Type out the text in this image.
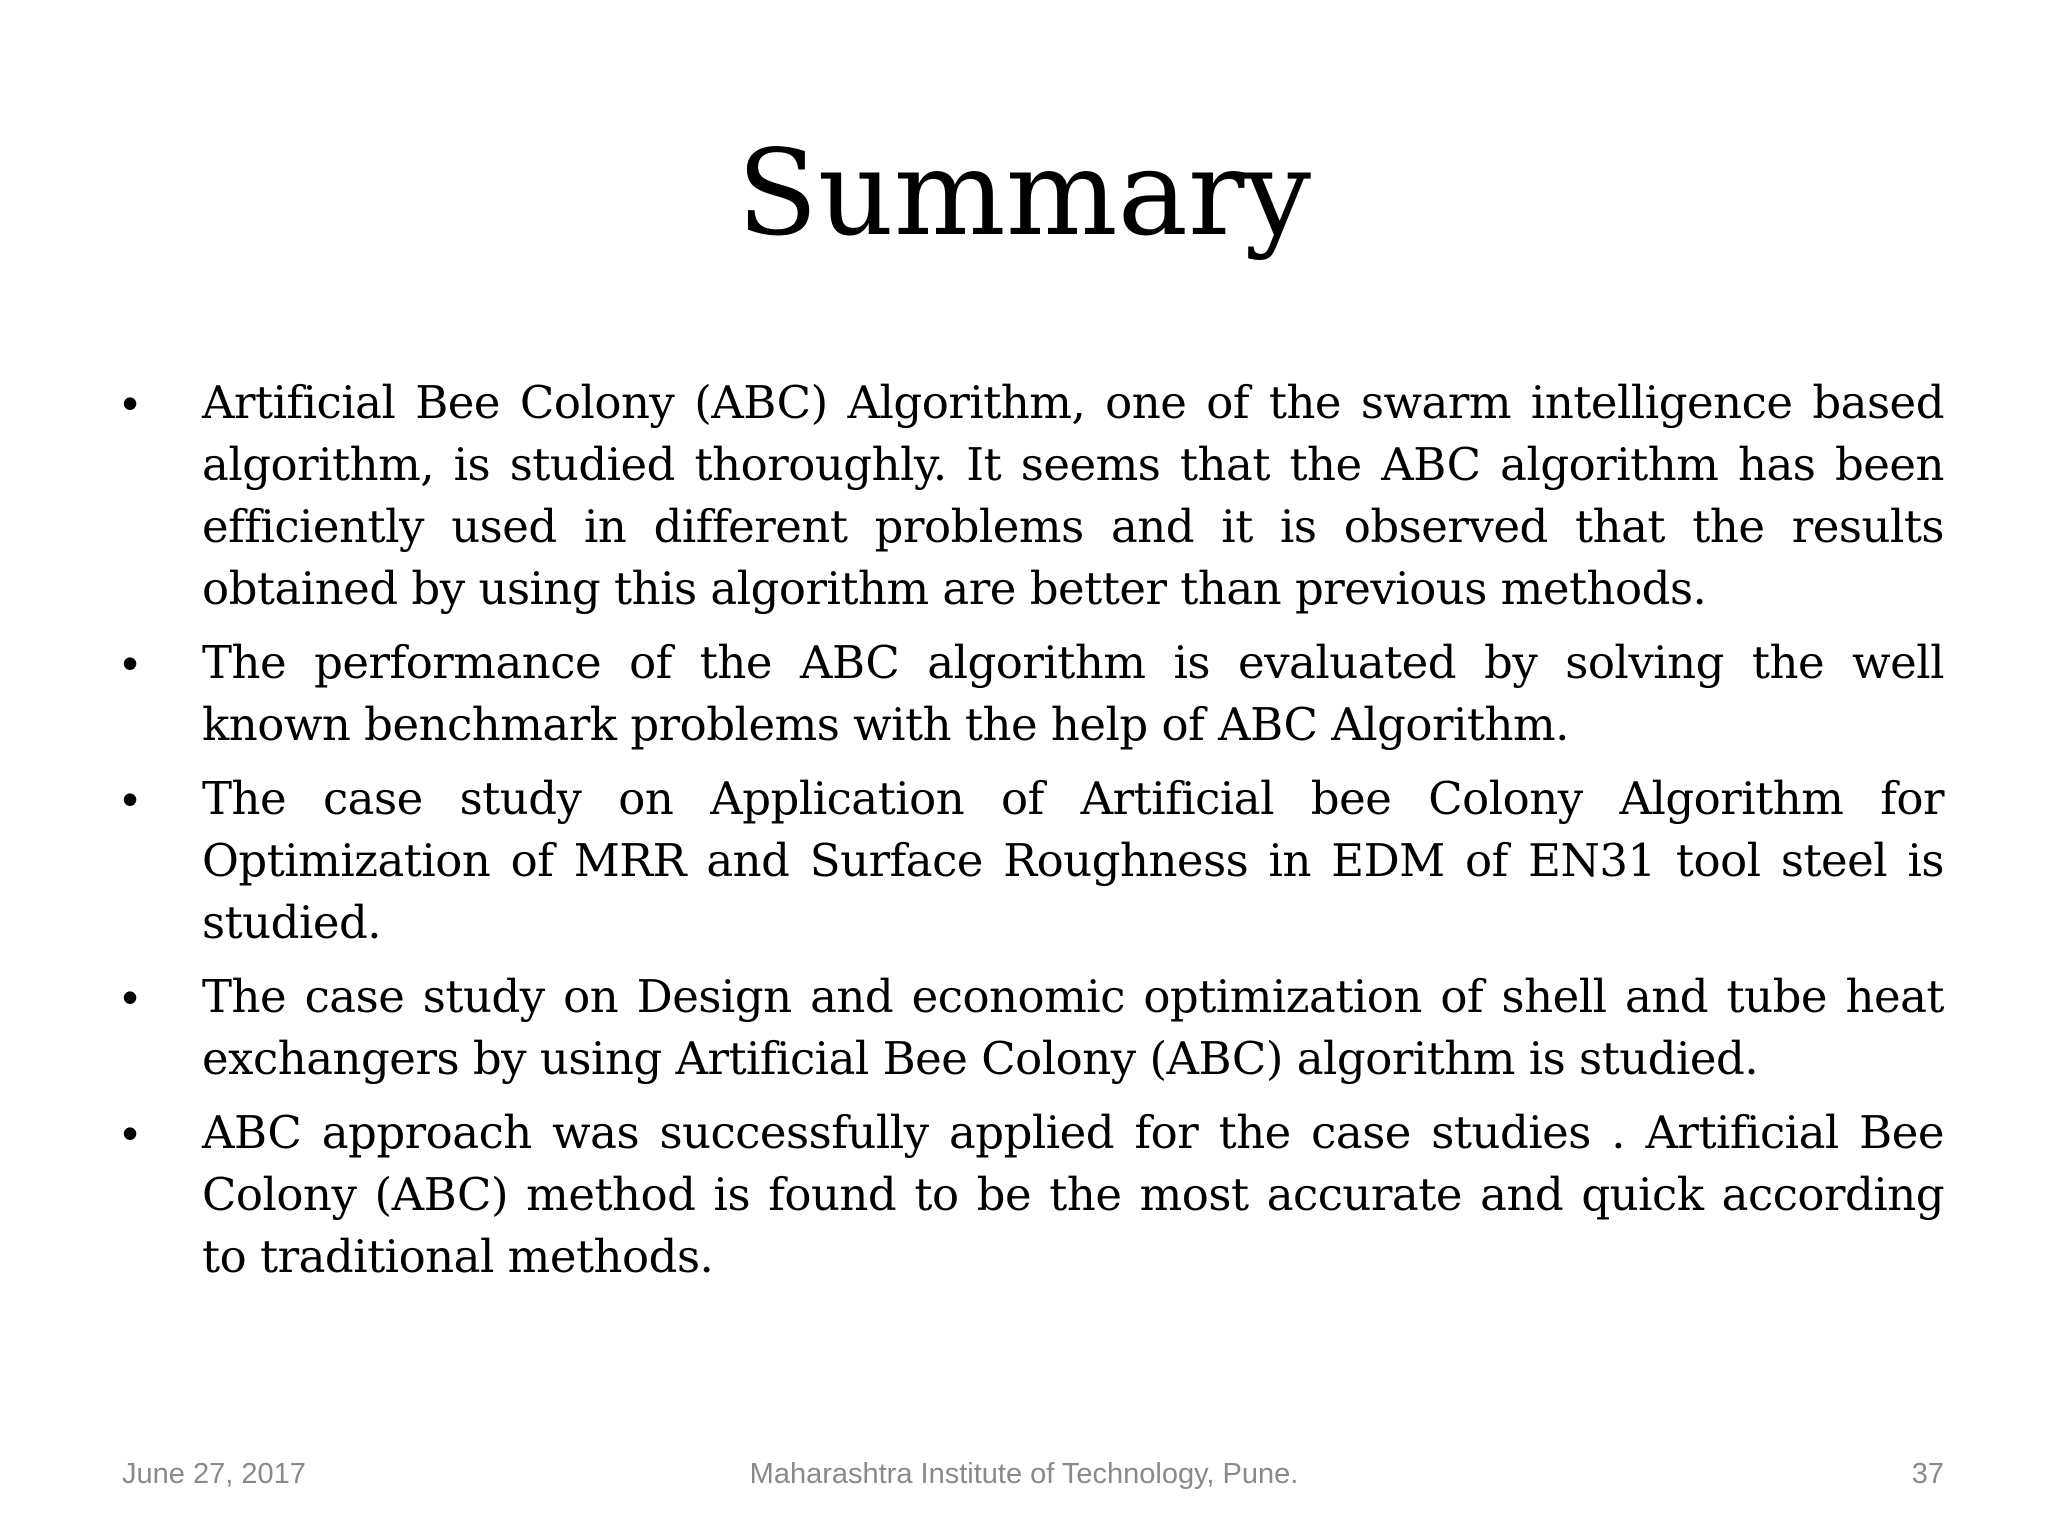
Summary
• Artificial Bee Colony (ABC) Algorithm, one of the swarm intelligence based algorithm, is studied thoroughly. It seems that the ABC algorithm has been efficiently used in different problems and it is observed that the results obtained by using this algorithm are better than previous methods.
• The performance of the ABC algorithm is evaluated by solving the well known benchmark problems with the help of ABC Algorithm.
• The case study on Application of Artificial bee Colony Algorithm for Optimization of MRR and Surface Roughness in EDM of EN31 tool steel is studied.
• The case study on Design and economic optimization of shell and tube heat exchangers by using Artificial Bee Colony (ABC) algorithm is studied.
• ABC approach was successfully applied for the case studies . Artificial Bee Colony (ABC) method is found to be the most accurate and quick according to traditional methods.
June 27, 2017	Maharashtra Institute of Technology, Pune.	37
